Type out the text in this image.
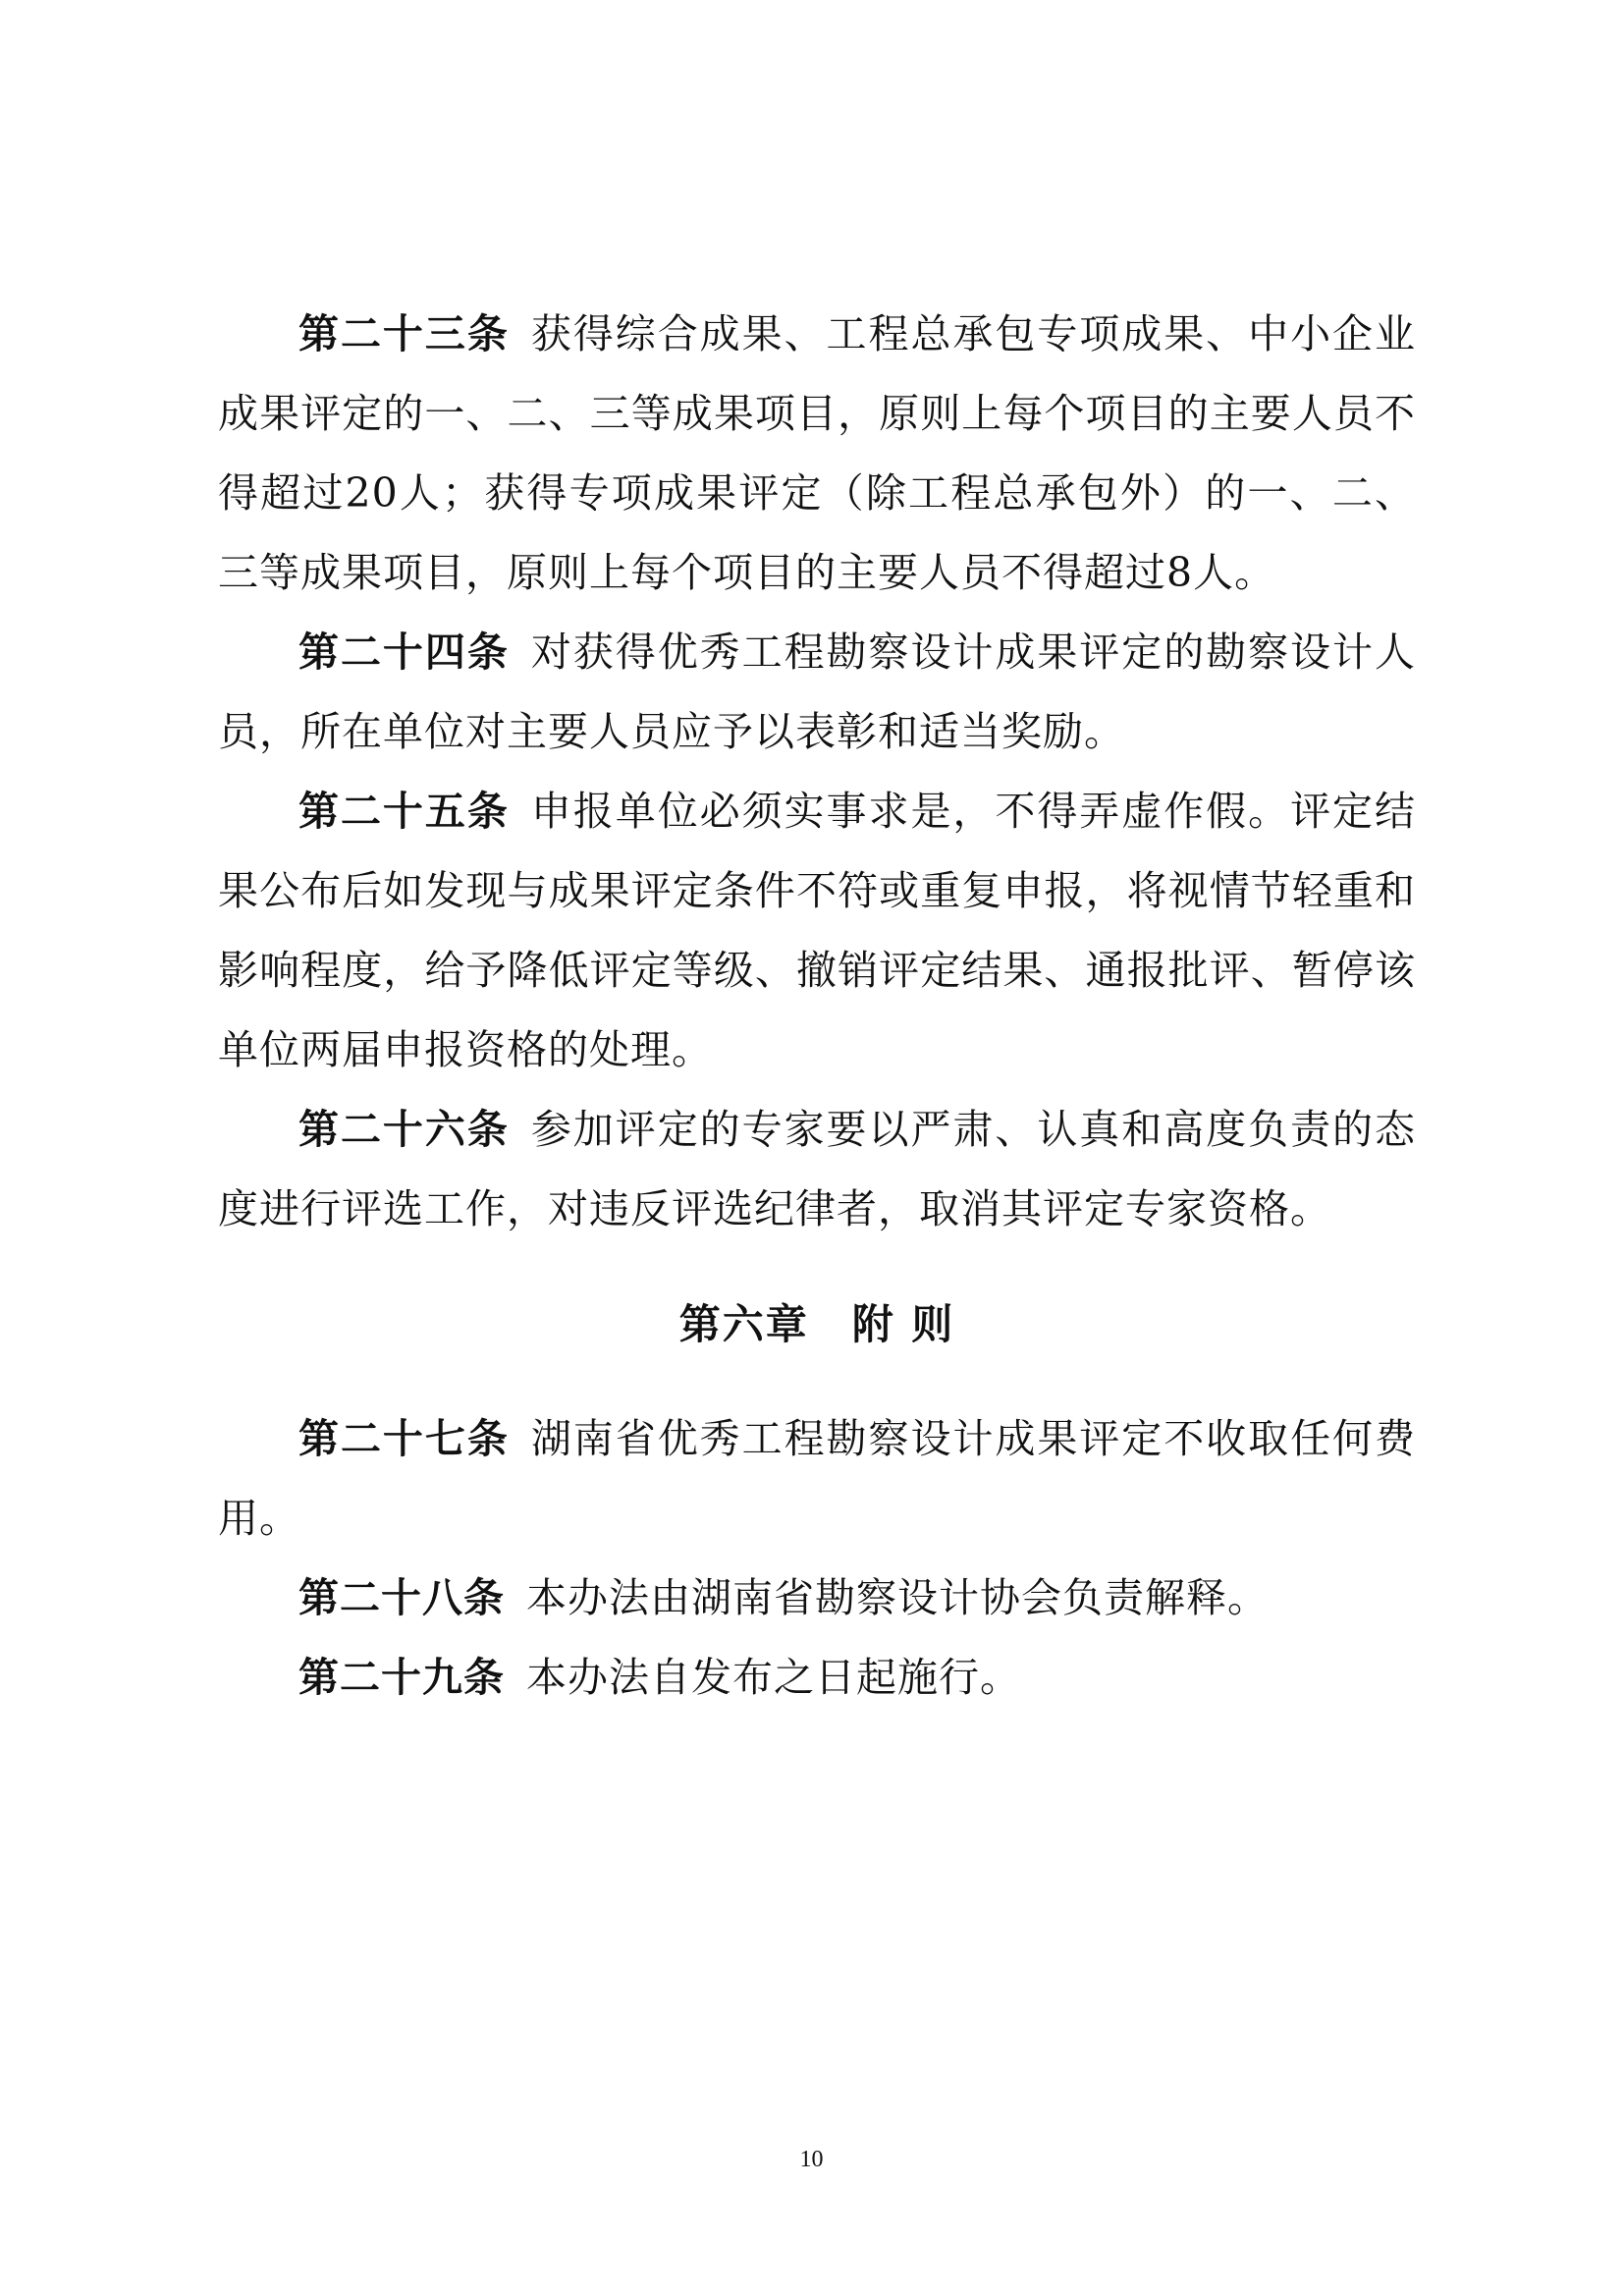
第二十三条 获得综合成果、工程总承包专项成果、中小企业成果评定的一、二、三等成果项目，原则上每个项目的主要人员不得超过20人；获得专项成果评定（除工程总承包外）的一、二、三等成果项目，原则上每个项目的主要人员不得超过8人。

第二十四条 对获得优秀工程勘察设计成果评定的勘察设计人员，所在单位对主要人员应予以表彰和适当奖励。

第二十五条 申报单位必须实事求是，不得弄虚作假。评定结果公布后如发现与成果评定条件不符或重复申报，将视情节轻重和影响程度，给予降低评定等级、撤销评定结果、通报批评、暂停该单位两届申报资格的处理。

第二十六条 参加评定的专家要以严肃、认真和高度负责的态度进行评选工作，对违反评选纪律者，取消其评定专家资格。

第六章　附 则

第二十七条 湖南省优秀工程勘察设计成果评定不收取任何费用。

第二十八条 本办法由湖南省勘察设计协会负责解释。

第二十九条 本办法自发布之日起施行。

10
